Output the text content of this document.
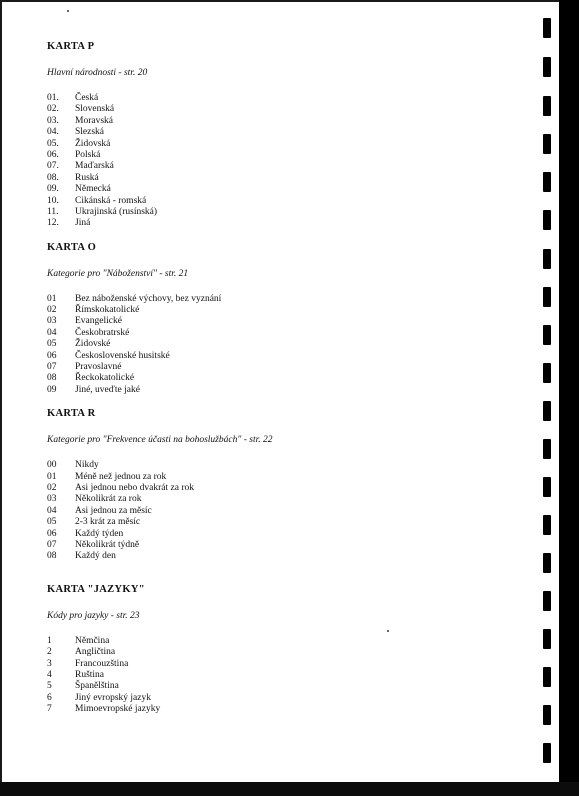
KARTA P

Hlavní národnosti - str. 20

01.	Česká
02.	Slovenská
03.	Moravská
04.	Slezská
05.	Židovská
06.	Polská
07.	Maďarská
08.	Ruská
09.	Německá
10.	Cikánská - romská
11.	Ukrajinská (rusínská)
12.	Jiná
KARTA O

Kategorie pro "Náboženství" - str. 21

01	Bez náboženské výchovy, bez vyznání
02	Římskokatolické
03	Evangelické
04	Českobratrské
05	Židovské
06	Československé husitské
07	Pravoslavné
08	Řeckokatolické
09	Jiné, uveďte jaké
KARTA R

Kategorie pro "Frekvence účasti na bohoslužbách" - str. 22

00	Nikdy
01	Méně než jednou za rok
02	Asi jednou nebo dvakrát za rok
03	Několikrát za rok
04	Asi jednou za měsíc
05	2-3 krát za měsíc
06	Každý týden
07	Několikrát týdně
08	Každý den
KARTA "JAZYKY"

Kódy pro jazyky - str. 23

1	Němčina
2	Angličtina
3	Francouzština
4	Ruština
5	Španělština
6	Jiný evropský jazyk
7	Mimoevropské jazyky
